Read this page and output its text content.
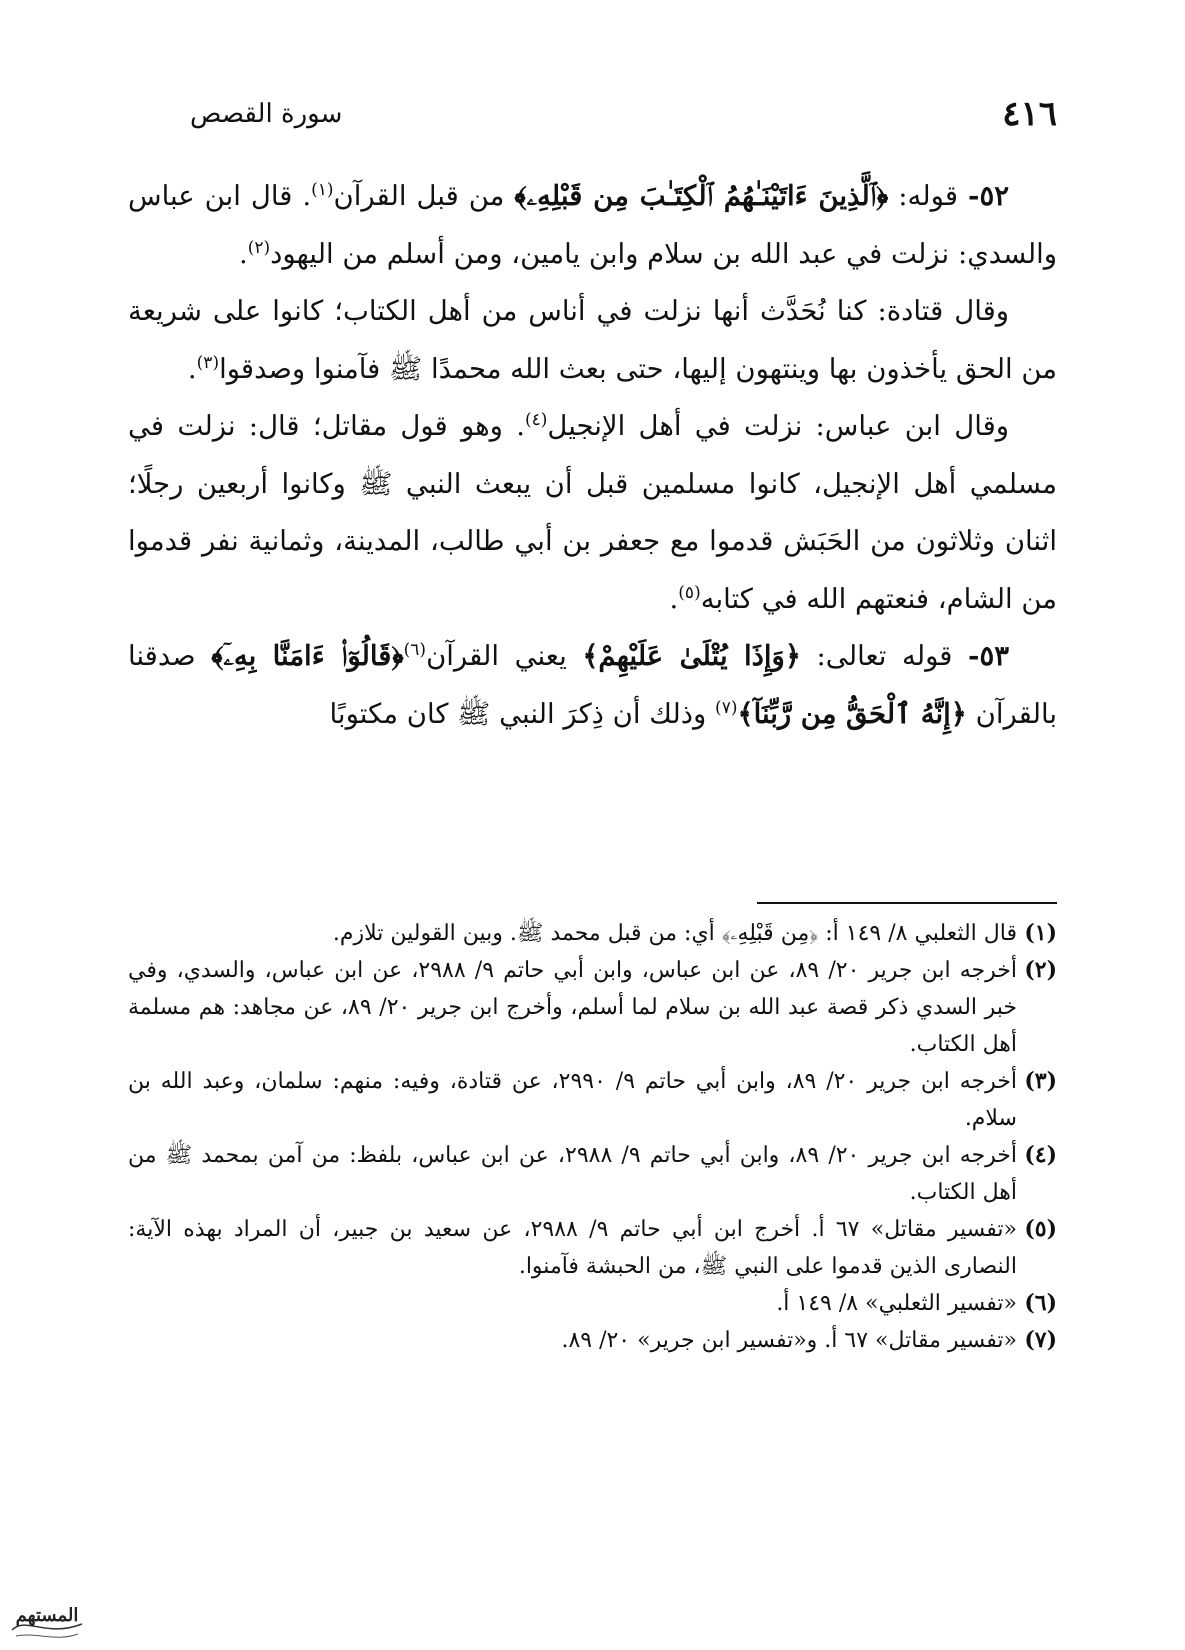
٤١٦
سورة القصص

٥٢- قوله: ﴿ٱلَّذِينَ ءَاتَيْنَـٰهُمُ ٱلْكِتَـٰبَ مِن قَبْلِهِۦ﴾ من قبل القرآن$^{(١)}$. قال ابن عباس والسدي: نزلت في عبد الله بن سلام وابن يامين، ومن أسلم من اليهود$^{(٢)}$.

وقال قتادة: كنا نُحَدَّث أنها نزلت في أناس من أهل الكتاب؛ كانوا على شريعة من الحق يأخذون بها وينتهون إليها، حتى بعث الله محمدًا ﷺ فآمنوا وصدقوا$^{(٣)}$.

وقال ابن عباس: نزلت في أهل الإنجيل$^{(٤)}$. وهو قول مقاتل؛ قال: نزلت في مسلمي أهل الإنجيل، كانوا مسلمين قبل أن يبعث النبي ﷺ وكانوا أربعين رجلًا؛ اثنان وثلاثون من الحَبَش قدموا مع جعفر بن أبي طالب، المدينة، وثمانية نفر قدموا من الشام، فنعتهم الله في كتابه$^{(٥)}$.

٥٣- قوله تعالى: ﴿وَإِذَا يُتْلَىٰ عَلَيْهِمْ﴾ يعني القرآن$^{(٦)}$﴿قَالُوٓا۟ ءَامَنَّا بِهِۦٓ﴾ صدقنا بالقرآن ﴿إِنَّهُ ٱلْحَقُّ مِن رَّبِّنَآ﴾$^{(٧)}$ وذلك أن ذِكرَ النبي ﷺ كان مكتوبًا

(١)

قال الثعلبي ٨/ ١٤٩ أ: ﴿مِن قَبْلِهِۦ﴾ أي: من قبل محمد ﷺ. وبين القولين تلازم.

(٢)

أخرجه ابن جرير ٢٠/ ٨٩، عن ابن عباس، وابن أبي حاتم ٩/ ٢٩٨٨، عن ابن عباس، والسدي، وفي خبر السدي ذكر قصة عبد الله بن سلام لما أسلم، وأخرج ابن جرير ٢٠/ ٨٩، عن مجاهد: هم مسلمة أهل الكتاب.

(٣)

أخرجه ابن جرير ٢٠/ ٨٩، وابن أبي حاتم ٩/ ٢٩٩٠، عن قتادة، وفيه: منهم: سلمان، وعبد الله بن سلام.

(٤)

أخرجه ابن جرير ٢٠/ ٨٩، وابن أبي حاتم ٩/ ٢٩٨٨، عن ابن عباس، بلفظ: من آمن بمحمد ﷺ من أهل الكتاب.

(٥)

«تفسير مقاتل» ٦٧ أ. أخرج ابن أبي حاتم ٩/ ٢٩٨٨، عن سعيد بن جبير، أن المراد بهذه الآية: النصارى الذين قدموا على النبي ﷺ، من الحبشة فآمنوا.

(٦)

«تفسير الثعلبي» ٨/ ١٤٩ أ.

(٧)

«تفسير مقاتل» ٦٧ أ. و«تفسير ابن جرير» ٢٠/ ٨٩.

المستهم
